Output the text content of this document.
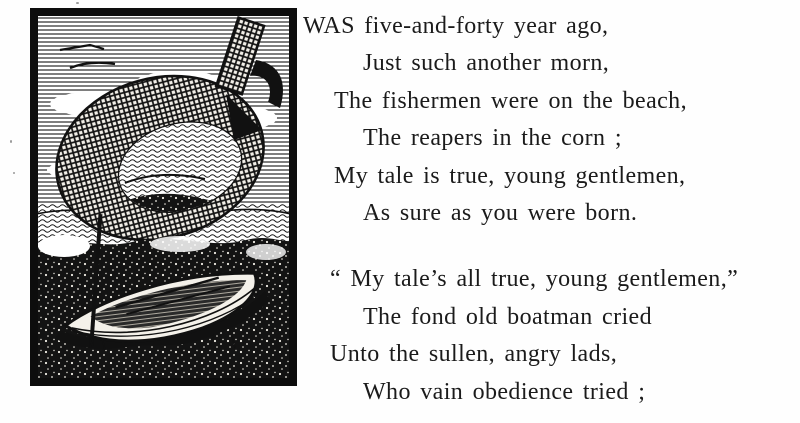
WAS five-and-forty year ago,
Just such another morn,
The fishermen were on the beach,
The reapers in the corn ;
My tale is true, young gentlemen,
As sure as you were born.
“ My tale’s all true, young gentlemen,”
The fond old boatman cried
Unto the sullen, angry lads,
Who vain obedience tried ;
